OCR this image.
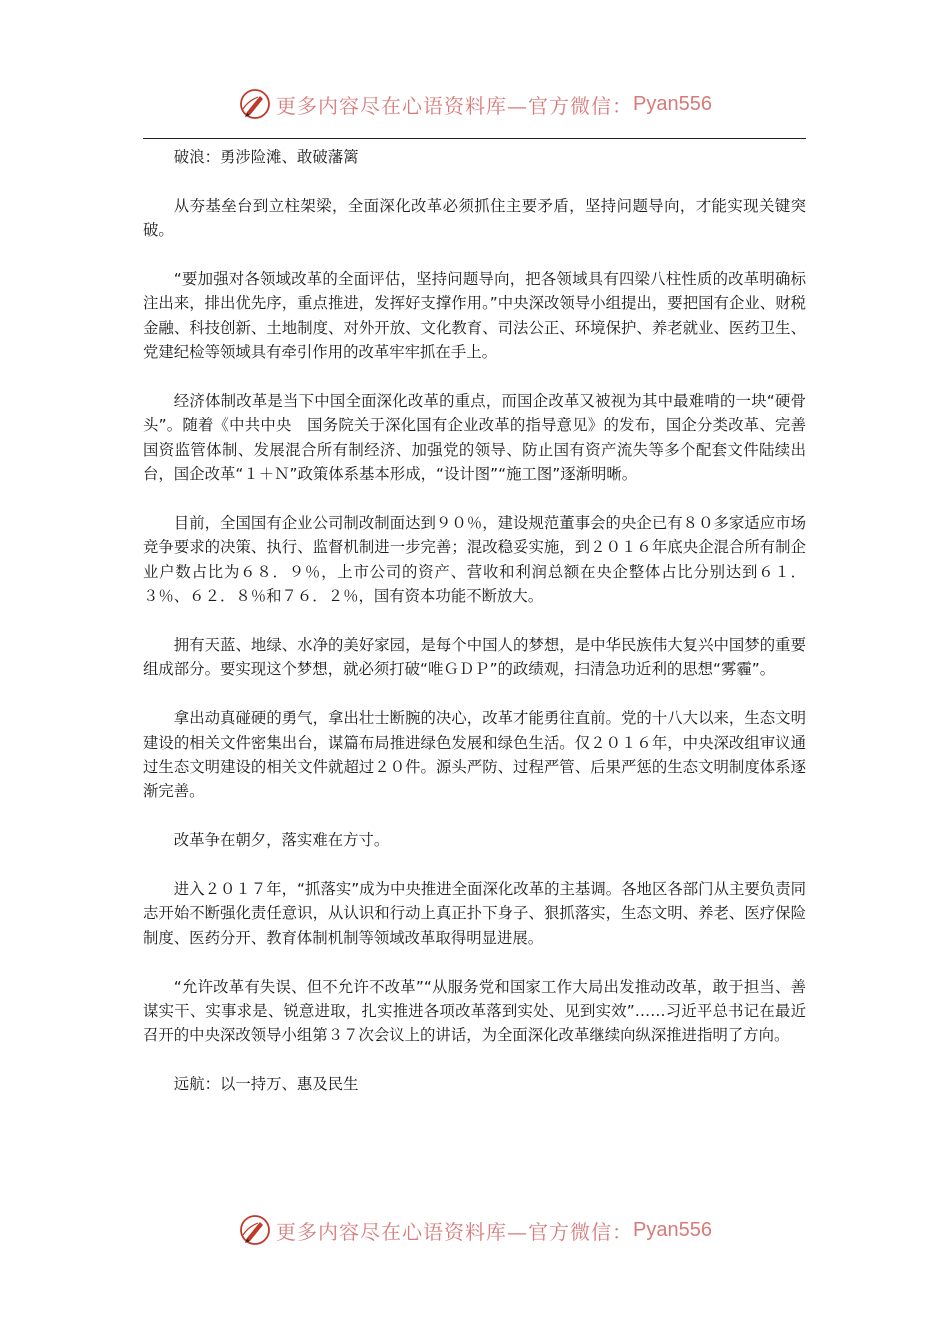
更多内容尽在心语资料库—官方微信： Pyan556

破浪：勇涉险滩、敢破藩篱

从夯基垒台到立柱架梁，全面深化改革必须抓住主要矛盾，坚持问题导向，才能实现关键突破。

“要加强对各领域改革的全面评估，坚持问题导向，把各领域具有四梁八柱性质的改革明确标注出来，排出优先序，重点推进，发挥好支撑作用。”中央深改领导小组提出，要把国有企业、财税金融、科技创新、土地制度、对外开放、文化教育、司法公正、环境保护、养老就业、医药卫生、党建纪检等领域具有牵引作用的改革牢牢抓在手上。

经济体制改革是当下中国全面深化改革的重点，而国企改革又被视为其中最难啃的一块“硬骨头”。随着《中共中央　国务院关于深化国有企业改革的指导意见》的发布，国企分类改革、完善国资监管体制、发展混合所有制经济、加强党的领导、防止国有资产流失等多个配套文件陆续出台，国企改革“１＋Ｎ”政策体系基本形成，“设计图”“施工图”逐渐明晰。

目前，全国国有企业公司制改制面达到９０％，建设规范董事会的央企已有８０多家适应市场竞争要求的决策、执行、监督机制进一步完善；混改稳妥实施，到２０１６年底央企混合所有制企业户数占比为６８．９％，上市公司的资产、营收和利润总额在央企整体占比分别达到６１．３％、６２．８％和７６．２％，国有资本功能不断放大。

拥有天蓝、地绿、水净的美好家园，是每个中国人的梦想，是中华民族伟大复兴中国梦的重要组成部分。要实现这个梦想，就必须打破“唯ＧＤＰ”的政绩观，扫清急功近利的思想“雾霾”。

拿出动真碰硬的勇气，拿出壮士断腕的决心，改革才能勇往直前。党的十八大以来，生态文明建设的相关文件密集出台，谋篇布局推进绿色发展和绿色生活。仅２０１６年，中央深改组审议通过生态文明建设的相关文件就超过２０件。源头严防、过程严管、后果严惩的生态文明制度体系逐渐完善。

改革争在朝夕，落实难在方寸。

进入２０１７年，“抓落实”成为中央推进全面深化改革的主基调。各地区各部门从主要负责同志开始不断强化责任意识，从认识和行动上真正扑下身子、狠抓落实，生态文明、养老、医疗保险制度、医药分开、教育体制机制等领域改革取得明显进展。

“允许改革有失误、但不允许不改革”“从服务党和国家工作大局出发推动改革，敢于担当、善谋实干、实事求是、锐意进取，扎实推进各项改革落到实处、见到实效”……习近平总书记在最近召开的中央深改领导小组第３７次会议上的讲话，为全面深化改革继续向纵深推进指明了方向。

远航：以一持万、惠及民生

更多内容尽在心语资料库—官方微信： Pyan556
